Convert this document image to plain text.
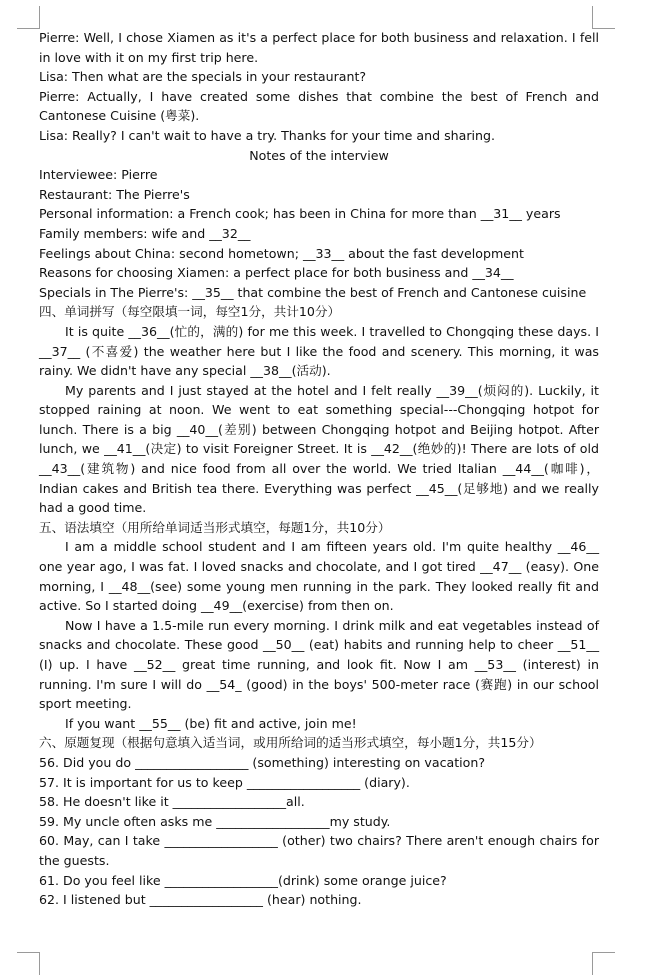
Pierre: Well, I chose Xiamen as it's a perfect place for both business and relaxation. I fell in love with it on my first trip here.

Lisa: Then what are the specials in your restaurant?

Pierre: Actually, I have created some dishes that combine the best of French and Cantonese Cuisine (粤菜).

Lisa: Really? I can't wait to have a try. Thanks for your time and sharing.

Notes of the interview

Interviewee: Pierre

Restaurant: The Pierre's

Personal information: a French cook; has been in China for more than __31__ years

Family members: wife and __32__

Feelings about China: second hometown; __33__ about the fast development

Reasons for choosing Xiamen: a perfect place for both business and __34__

Specials in The Pierre's: __35__ that combine the best of French and Cantonese cuisine

四、单词拼写（每空限填一词，每空1分，共计10分）

It is quite __36__(忙的，满的) for me this week. I travelled to Chongqing these days. I __37__ (不喜爱) the weather here but I like the food and scenery. This morning, it was rainy. We didn't have any special __38__(活动).

My parents and I just stayed at the hotel and I felt really __39__(烦闷的). Luckily, it stopped raining at noon. We went to eat something special---Chongqing hotpot for lunch. There is a big __40__(差别) between Chongqing hotpot and Beijing hotpot. After lunch, we __41__(决定) to visit Foreigner Street. It is __42__(绝妙的)! There are lots of old __43__(建筑物) and nice food from all over the world. We tried Italian __44__(咖啡)，Indian cakes and British tea there. Everything was perfect __45__(足够地) and we really had a good time.

五、语法填空（用所给单词适当形式填空，每题1分，共10分）

I am a middle school student and I am fifteen years old. I'm quite healthy __46__ one year ago, I was fat. I loved snacks and chocolate, and I got tired __47__ (easy). One morning, I __48__(see) some young men running in the park. They looked really fit and active. So I started doing __49__(exercise) from then on.

Now I have a 1.5-mile run every morning. I drink milk and eat vegetables instead of snacks and chocolate. These good __50__ (eat) habits and running help to cheer __51__ (I) up. I have __52__ great time running, and look fit. Now I am __53__ (interest) in running. I'm sure I will do __54_ (good) in the boys' 500-meter race (赛跑) in our school sport meeting.

If you want __55__ (be) fit and active, join me!

六、原题复现（根据句意填入适当词，或用所给词的适当形式填空，每小题1分，共15分）

56. Did you do __________________ (something) interesting on vacation?

57. It is important for us to keep __________________ (diary).

58. He doesn't like it __________________all.

59. My uncle often asks me __________________my study.

60. May, can I take __________________ (other) two chairs? There aren't enough chairs for the guests.

61. Do you feel like __________________(drink) some orange juice?

62. I listened but __________________ (hear) nothing.
